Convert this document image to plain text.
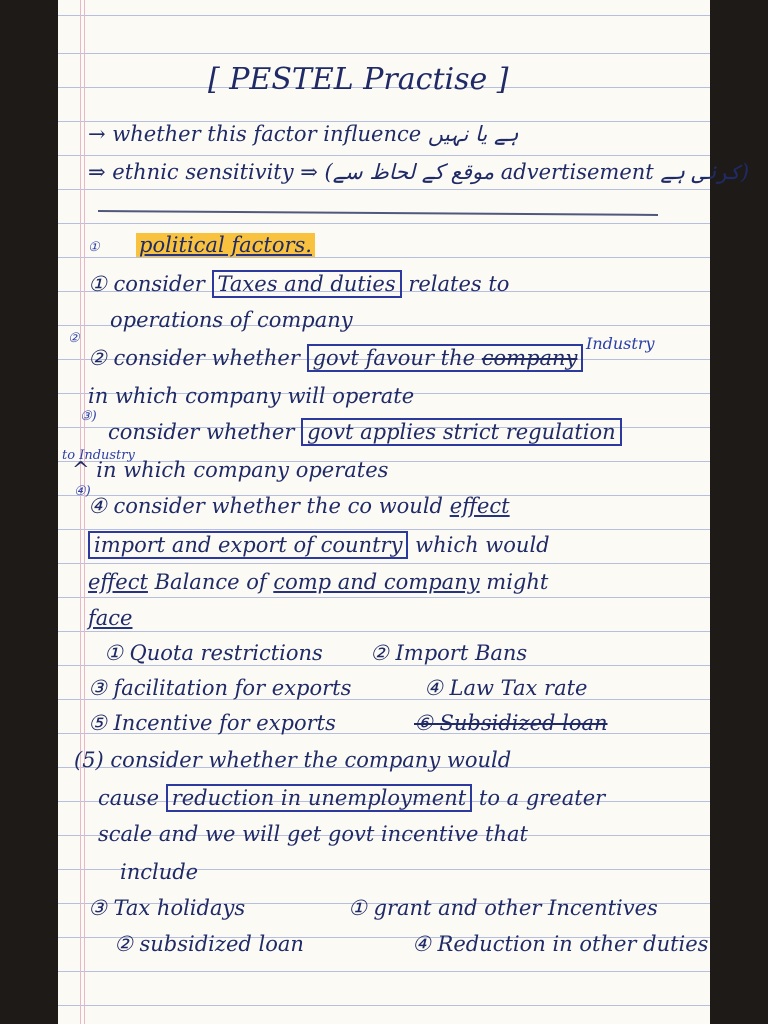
[ PESTEL Practise ]
→ whether this factor influence ہے یا نہیں
⇒ ethnic sensitivity ⇒ (موقع کے لحاظ سے advertisement کرنی ہے)
① political factors.
① consider Taxes and duties relates to
operations of company
②	Industry
② consider whether govt favour the company
in which company will operate
③)
consider whether govt applies strict regulation
to Industry
^ in which company operates
④)
④ consider whether the co would effect
import and export of country which would
effect Balance of comp and company might
face
① Quota restrictions ② Import Bans
③ facilitation for exports	④ Law Tax rate
⑤ Incentive for exports	⑥ Subsidized loan
(5) consider whether the company would
cause reduction in unemployment to a greater
scale and we will get govt incentive that
include
③ Tax holidays	① grant and other Incentives
② subsidized loan	④ Reduction in other duties
